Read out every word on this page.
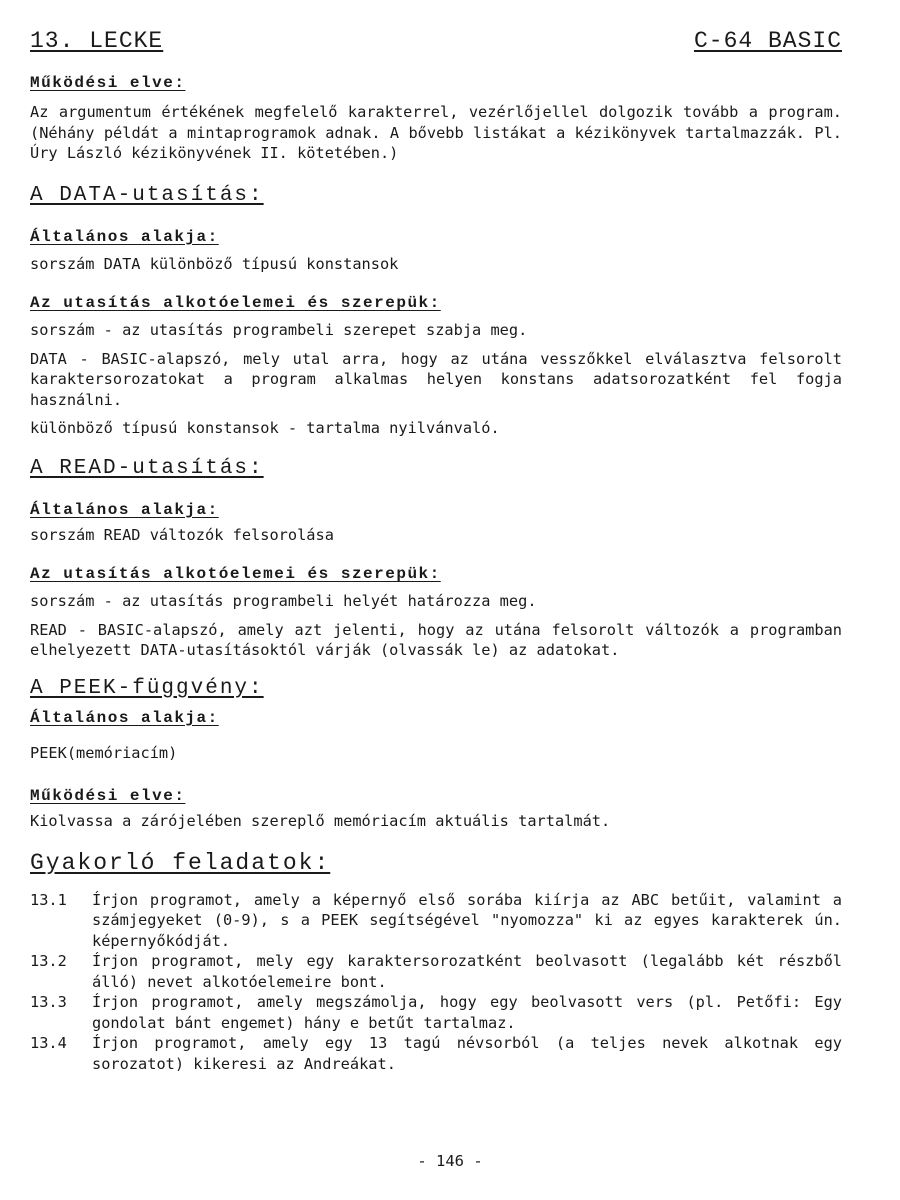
13. LECKE	C-64 BASIC
Működési elve:

Az argumentum értékének megfelelő karakterrel, vezérlőjellel dolgozik tovább a program. (Néhány példát a mintaprogramok adnak. A bővebb listákat a kézikönyvek tartalmazzák. Pl. Úry László kézikönyvének II. kötetében.)

A DATA-utasítás:
Általános alakja:

sorszám DATA különböző típusú konstansok

Az utasítás alkotóelemei és szerepük:

sorszám - az utasítás programbeli szerepet szabja meg.

DATA - BASIC-alapszó, mely utal arra, hogy az utána vesszőkkel elválasztva felsorolt karaktersorozatokat a program alkalmas helyen konstans adatsorozatként fel fogja használni.

különböző típusú konstansok - tartalma nyilvánvaló.

A READ-utasítás:
Általános alakja:

sorszám READ változók felsorolása

Az utasítás alkotóelemei és szerepük:

sorszám - az utasítás programbeli helyét határozza meg.

READ - BASIC-alapszó, amely azt jelenti, hogy az utána felsorolt változók a programban elhelyezett DATA-utasításoktól várják (olvassák le) az adatokat.

A PEEK-függvény:
Általános alakja:

PEEK(memóriacím)

Működési elve:

Kiolvassa a zárójelében szereplő memóriacím aktuális tartalmát.

Gyakorló feladatok:
13.1	Írjon programot, amely a képernyő első sorába kiírja az ABC betűit, valamint a számjegyeket (0-9), s a PEEK segítségével "nyomozza" ki az egyes karakterek ún. képernyőkódját.
13.2	Írjon programot, mely egy karaktersorozatként beolvasott (legalább két részből álló) nevet alkotóelemeire bont.
13.3	Írjon programot, amely megszámolja, hogy egy beolvasott vers (pl. Petőfi: Egy gondolat bánt engemet) hány e betűt tartalmaz.
13.4	Írjon programot, amely egy 13 tagú névsorból (a teljes nevek alkotnak egy sorozatot) kikeresi az Andreákat.
- 146 -
